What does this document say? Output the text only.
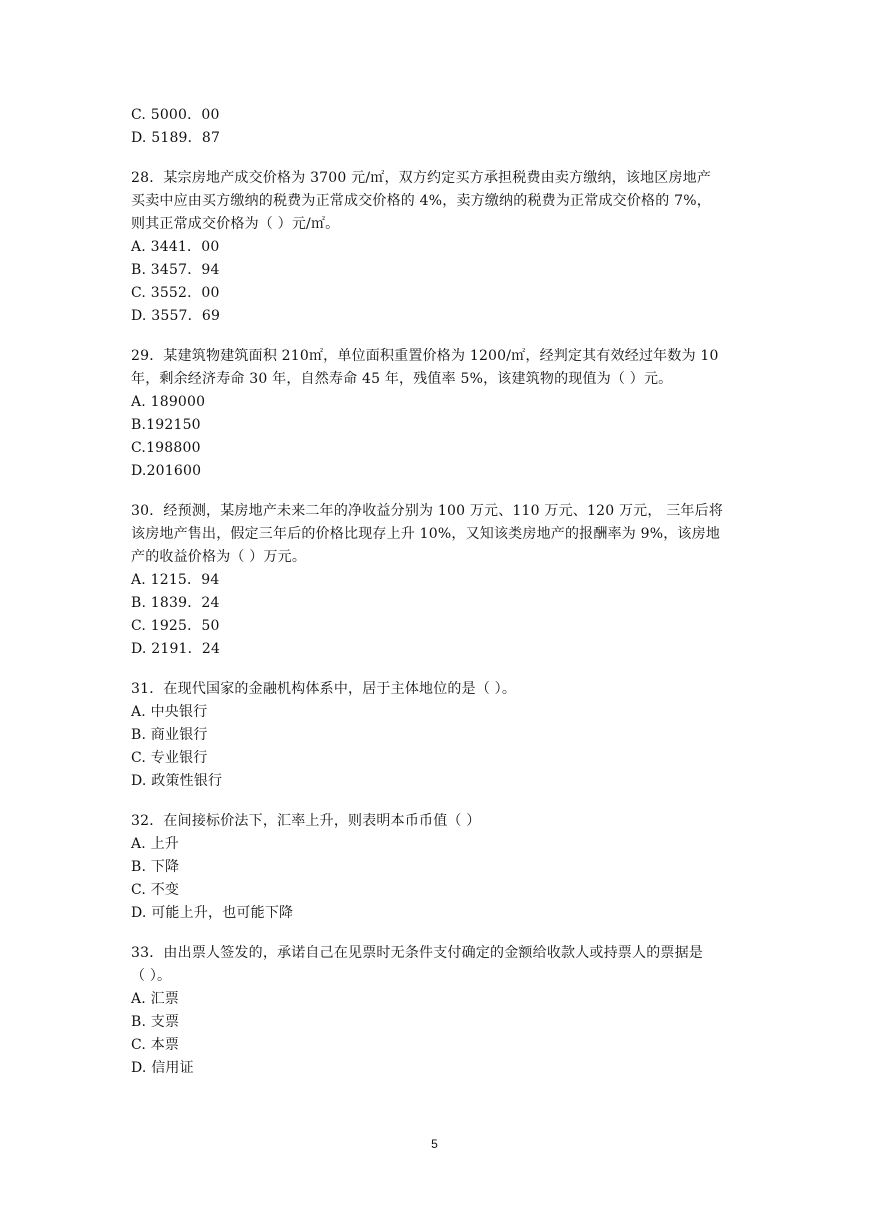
C. 5000．00
D. 5189．87
28．某宗房地产成交价格为 3700 元/㎡，双方约定买方承担税费由卖方缴纳，该地区房地产
买卖中应由买方缴纳的税费为正常成交价格的 4%，卖方缴纳的税费为正常成交价格的 7%，
则其正常成交价格为（ ）元/㎡。
A. 3441．00
B. 3457．94
C. 3552．00
D. 3557．69
29．某建筑物建筑面积 210㎡，单位面积重置价格为 1200/㎡，经判定其有效经过年数为 10
年，剩余经济寿命 30 年，自然寿命 45 年，残值率 5%，该建筑物的现值为（ ）元。
A. 189000
B.192150
C.198800
D.201600
30．经预测，某房地产未来二年的净收益分别为 100 万元、110 万元、120 万元， 三年后将
该房地产售出，假定三年后的价格比现存上升 10%，又知该类房地产的报酬率为 9%，该房地
产的收益价格为（ ）万元。
A. 1215．94
B. 1839．24
C. 1925．50
D. 2191．24
31．在现代国家的金融机构体系中，居于主体地位的是（ ）。
A. 中央银行
B. 商业银行
C. 专业银行
D. 政策性银行
32．在间接标价法下，汇率上升，则表明本币币值（ ）
A. 上升
B. 下降
C. 不变
D. 可能上升，也可能下降
33．由出票人签发的，承诺自己在见票时无条件支付确定的金额给收款人或持票人的票据是
（ ）。
A. 汇票
B. 支票
C. 本票
D. 信用证
5
